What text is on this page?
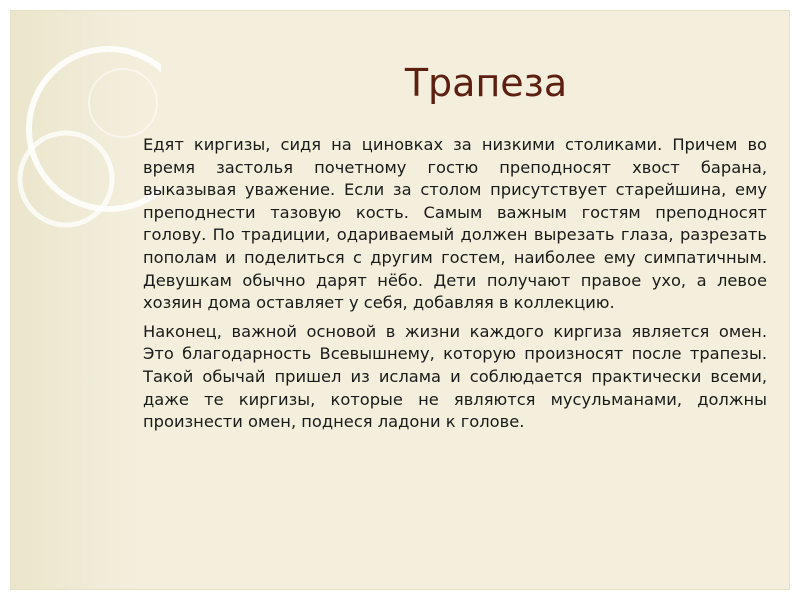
Трапеза

Едят киргизы, сидя на циновках за низкими столиками. Причем во время застолья почетному гостю преподносят хвост барана, выказывая уважение. Если за столом присутствует старейшина, ему преподнести тазовую кость. Самым важным гостям преподносят голову. По традиции, одариваемый должен вырезать глаза, разрезать пополам и поделиться с другим гостем, наиболее ему симпатичным. Девушкам обычно дарят нёбо. Дети получают правое ухо, а левое хозяин дома оставляет у себя, добавляя в коллекцию.

Наконец, важной основой в жизни каждого киргиза является омен. Это благодарность Всевышнему, которую произносят после трапезы. Такой обычай пришел из ислама и соблюдается практически всеми, даже те киргизы, которые не являются мусульманами, должны произнести омен, поднеся ладони к голове.
